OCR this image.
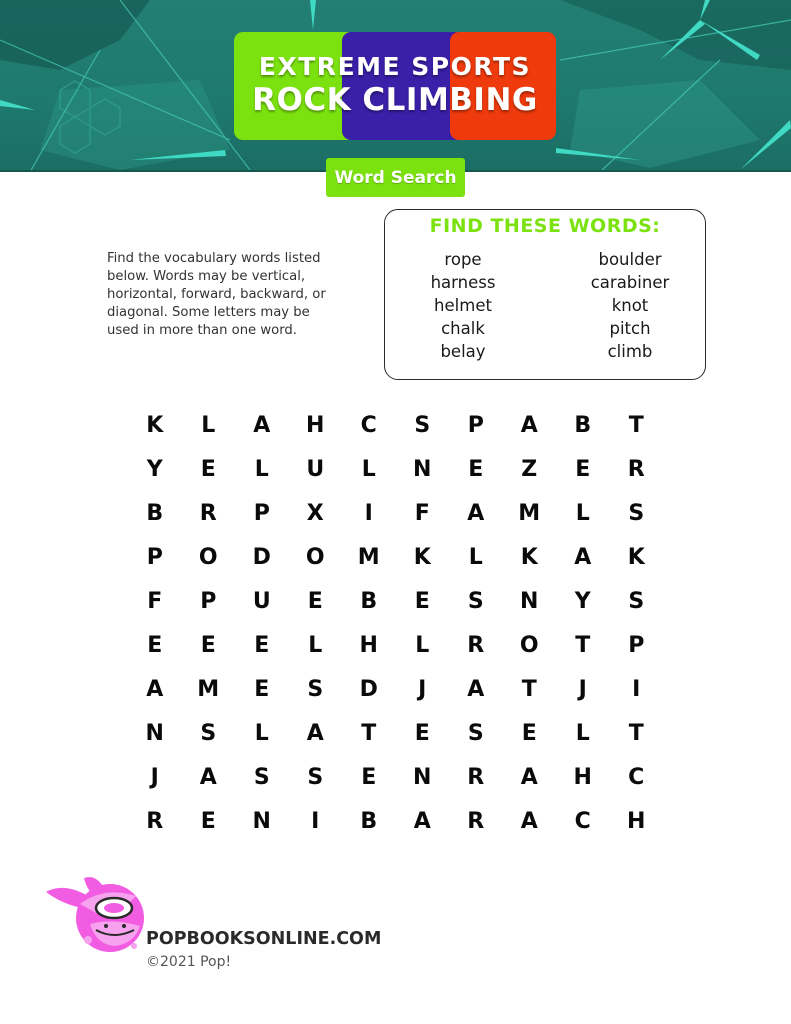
EXTREME SPORTS
ROCK CLIMBING
Word Search
Find the vocabulary words listed below. Words may be vertical, horizontal, forward, backward, or diagonal. Some letters may be used in more than one word.
FIND THESE WORDS:
rope
harness
helmet
chalk
belay
boulder
carabiner
knot
pitch
climb
K	L	A	H	C	S	P	A	B	T
Y	E	L	U	L	N	E	Z	E	R
B	R	P	X	I	F	A	M	L	S
P	O	D	O	M	K	L	K	A	K
F	P	U	E	B	E	S	N	Y	S
E	E	E	L	H	L	R	O	T	P
A	M	E	S	D	J	A	T	J	I
N	S	L	A	T	E	S	E	L	T
J	A	S	S	E	N	R	A	H	C
R	E	N	I	B	A	R	A	C	H
POPBOOKSONLINE.COM
©2021 Pop!
